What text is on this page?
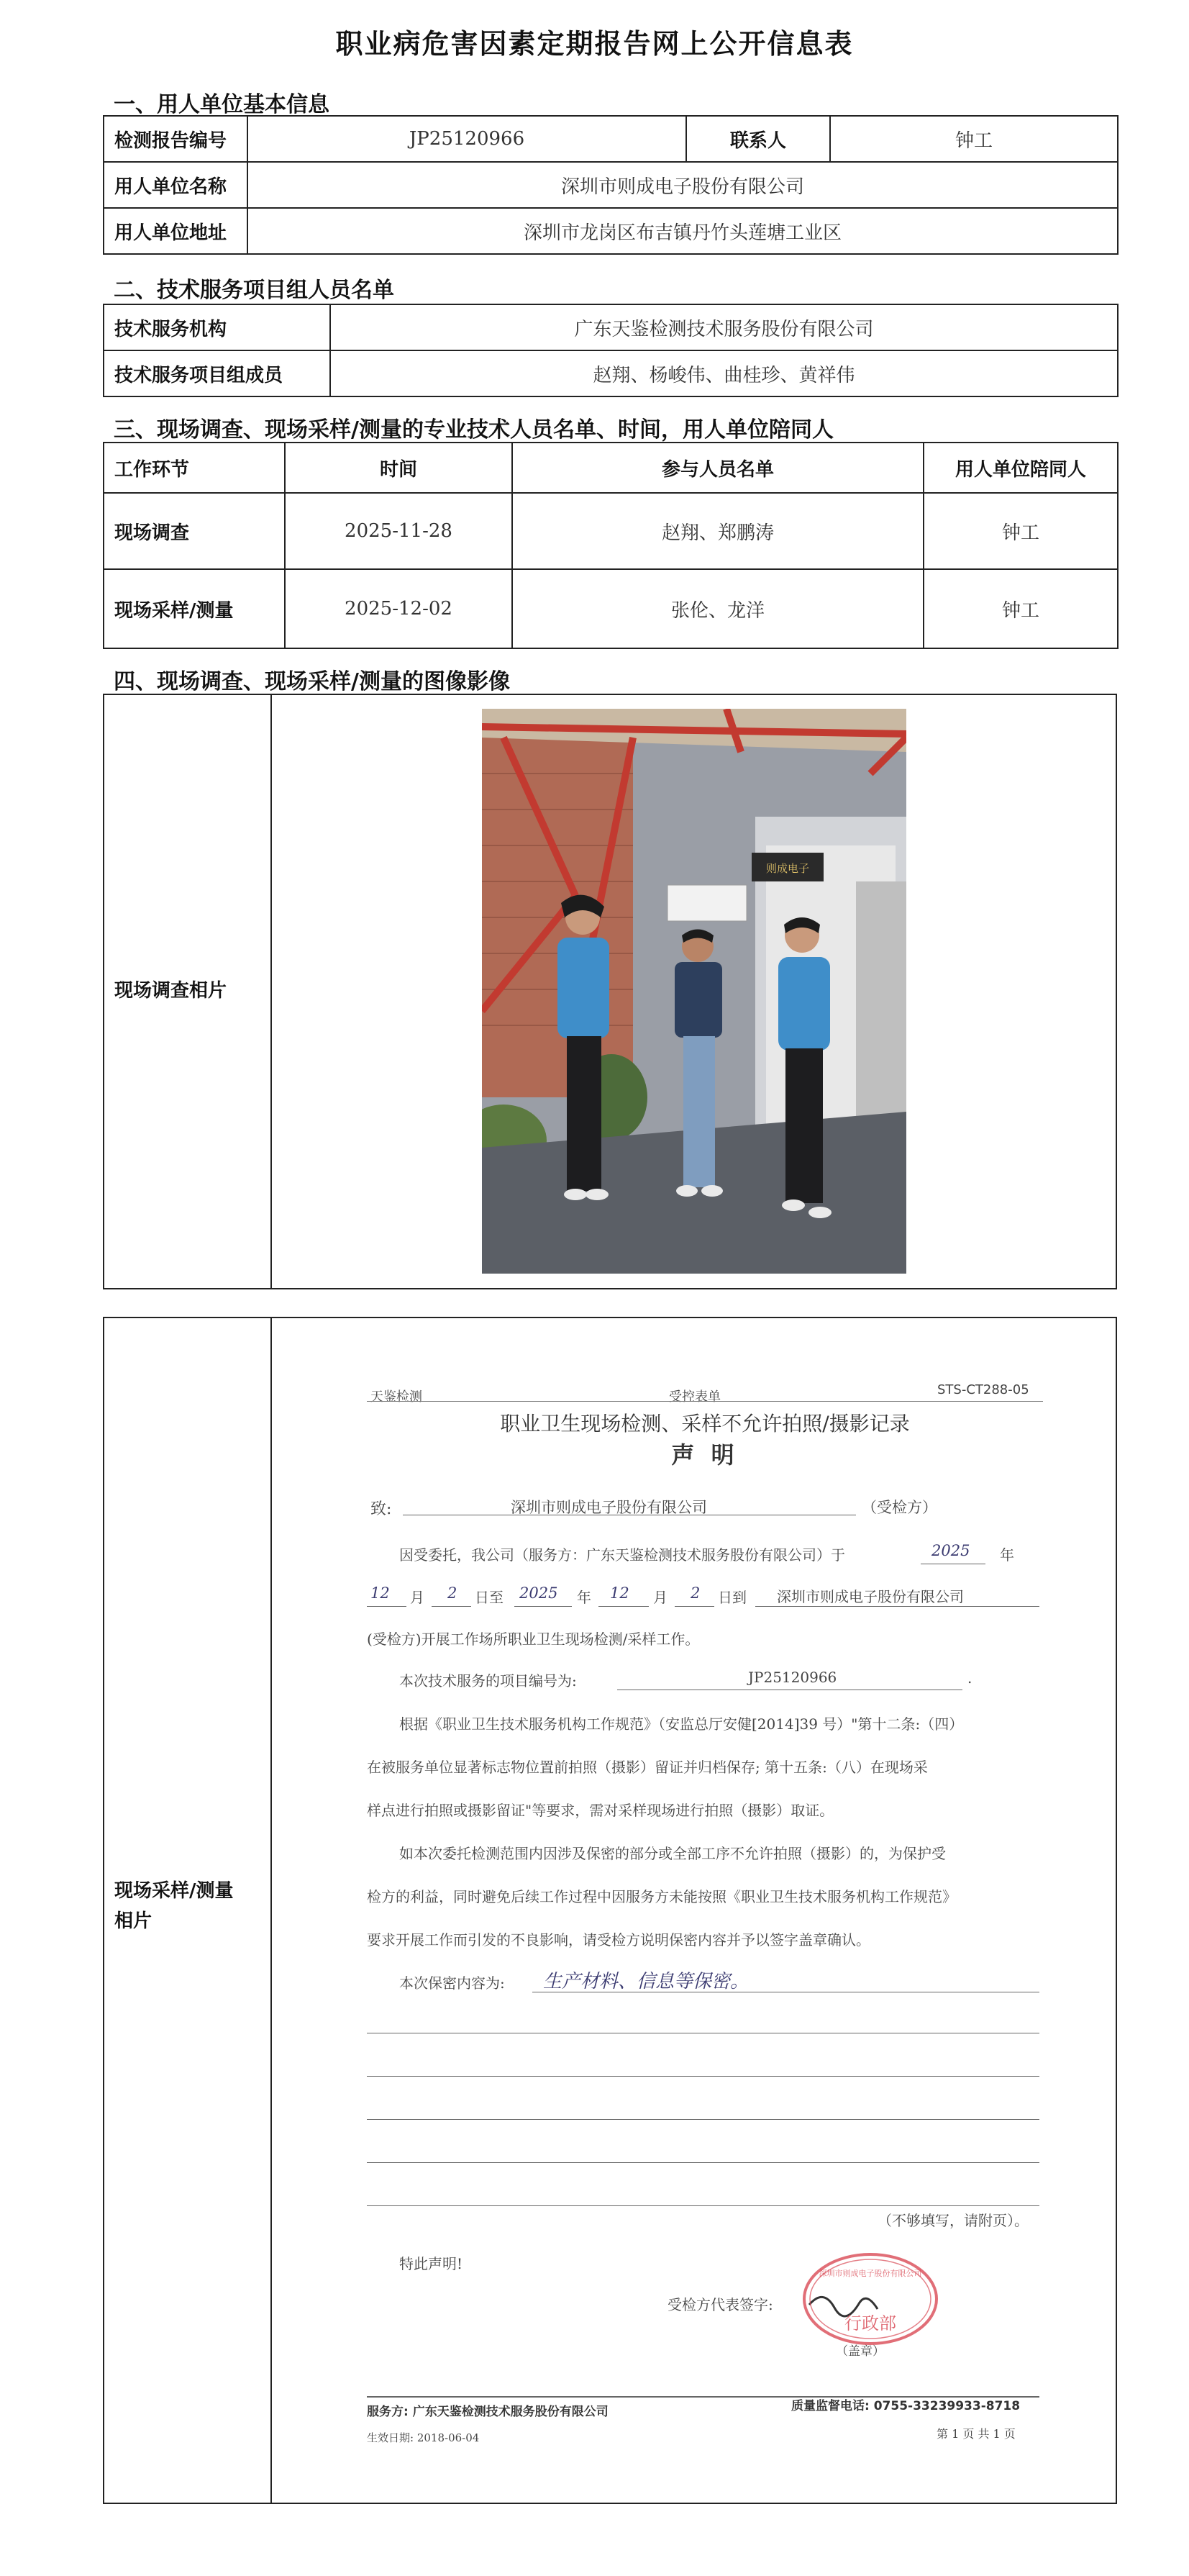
职业病危害因素定期报告网上公开信息表
一、用人单位基本信息
检测报告编号	JP25120966	联系人	钟工
用人单位名称	深圳市则成电子股份有限公司		
用人单位地址	深圳市龙岗区布吉镇丹竹头莲塘工业区		
二、技术服务项目组人员名单
技术服务机构	广东天鉴检测技术服务股份有限公司
技术服务项目组成员	赵翔、杨峻伟、曲桂珍、黄祥伟
三、现场调查、现场采样/测量的专业技术人员名单、时间，用人单位陪同人
工作环节	时间	参与人员名单	用人单位陪同人
现场调查	2025-11-28	赵翔、郑鹏涛	钟工
现场采样/测量	2025-12-02	张伦、龙洋	钟工
四、现场调查、现场采样/测量的图像影像
现场调查相片
则成电子
现场采样/测量
相片
天鉴检测	受控表单	STS-CT288-05
职业卫生现场检测、采样不允许拍照/摄影记录
声 明
致:	深圳市则成电子股份有限公司	（受检方）
因受委托，我公司（服务方：广东天鉴检测技术服务股份有限公司）于	2025 年
12 月 2 日至 2025 年 12 月 2 日到 深圳市则成电子股份有限公司
(受检方)开展工作场所职业卫生现场检测/采样工作。
本次技术服务的项目编号为:	JP25120966	.
根据《职业卫生技术服务机构工作规范》（安监总厅安健[2014]39 号）"第十二条:（四）
在被服务单位显著标志物位置前拍照（摄影）留证并归档保存; 第十五条:（八）在现场采
样点进行拍照或摄影留证"等要求，需对采样现场进行拍照（摄影）取证。
如本次委托检测范围内因涉及保密的部分或全部工序不允许拍照（摄影）的，为保护受
检方的利益，同时避免后续工作过程中因服务方未能按照《职业卫生技术服务机构工作规范》
要求开展工作而引发的不良影响，请受检方说明保密内容并予以签字盖章确认。
本次保密内容为: 生产材料、信息等保密。
（不够填写，请附页）。
特此声明!
受检方代表签字:
（盖章）
深圳市则成电子股份有限公司
行政部
服务方: 广东天鉴检测技术服务股份有限公司	质量监督电话: 0755-33239933-8718
生效日期: 2018-06-04	第 1 页 共 1 页
